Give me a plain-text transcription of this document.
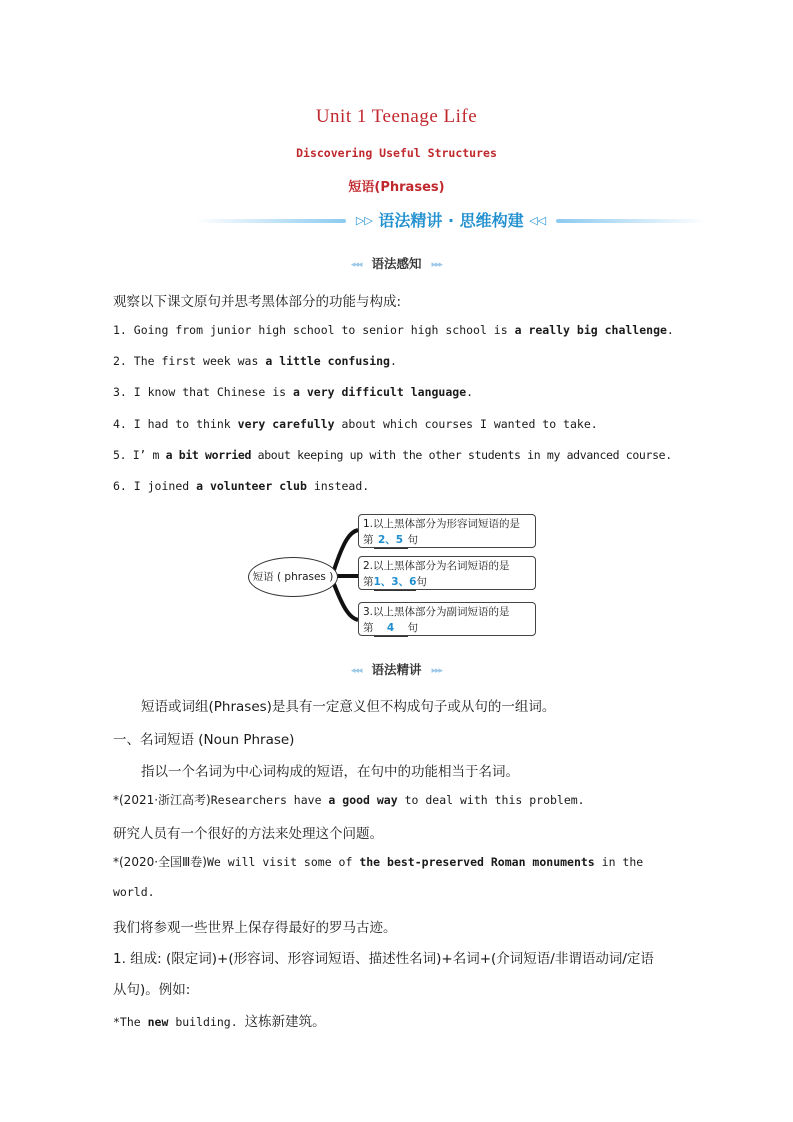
Unit 1 Teenage Life
Discovering Useful Structures
短语(Phrases)
▷▷ 语法精讲 · 思维构建 ◁◁
◂◂◂ 语法感知 ▸▸▸
观察以下课文原句并思考黑体部分的功能与构成:
1. Going from junior high school to senior high school is a really big challenge.
2. The first week was a little confusing.
3. I know that Chinese is a very difficult language.
4. I had to think very carefully about which courses I wanted to take.
5. I’ m a bit worried about keeping up with the other students in my advanced course.
6. I joined a volunteer club instead.
短语 ( phrases )
1.以上黑体部分为形容词短语的是
第 2、5 句
2.以上黑体部分为名词短语的是
第1、3、6句
3.以上黑体部分为副词短语的是
第 4 句
◂◂◂ 语法精讲 ▸▸▸
短语或词组(Phrases)是具有一定意义但不构成句子或从句的一组词。
一、名词短语 (Noun Phrase)
指以一个名词为中心词构成的短语，在句中的功能相当于名词。
*(2021·浙江高考)Researchers have a good way to deal with this problem.
研究人员有一个很好的方法来处理这个问题。
*(2020·全国Ⅲ卷)We will visit some of the best-preserved Roman monuments in the
world.
我们将参观一些世界上保存得最好的罗马古迹。
1. 组成: (限定词)+(形容词、形容词短语、描述性名词)+名词+(介词短语/非谓语动词/定语
从句)。例如:
*The new building. 这栋新建筑。
